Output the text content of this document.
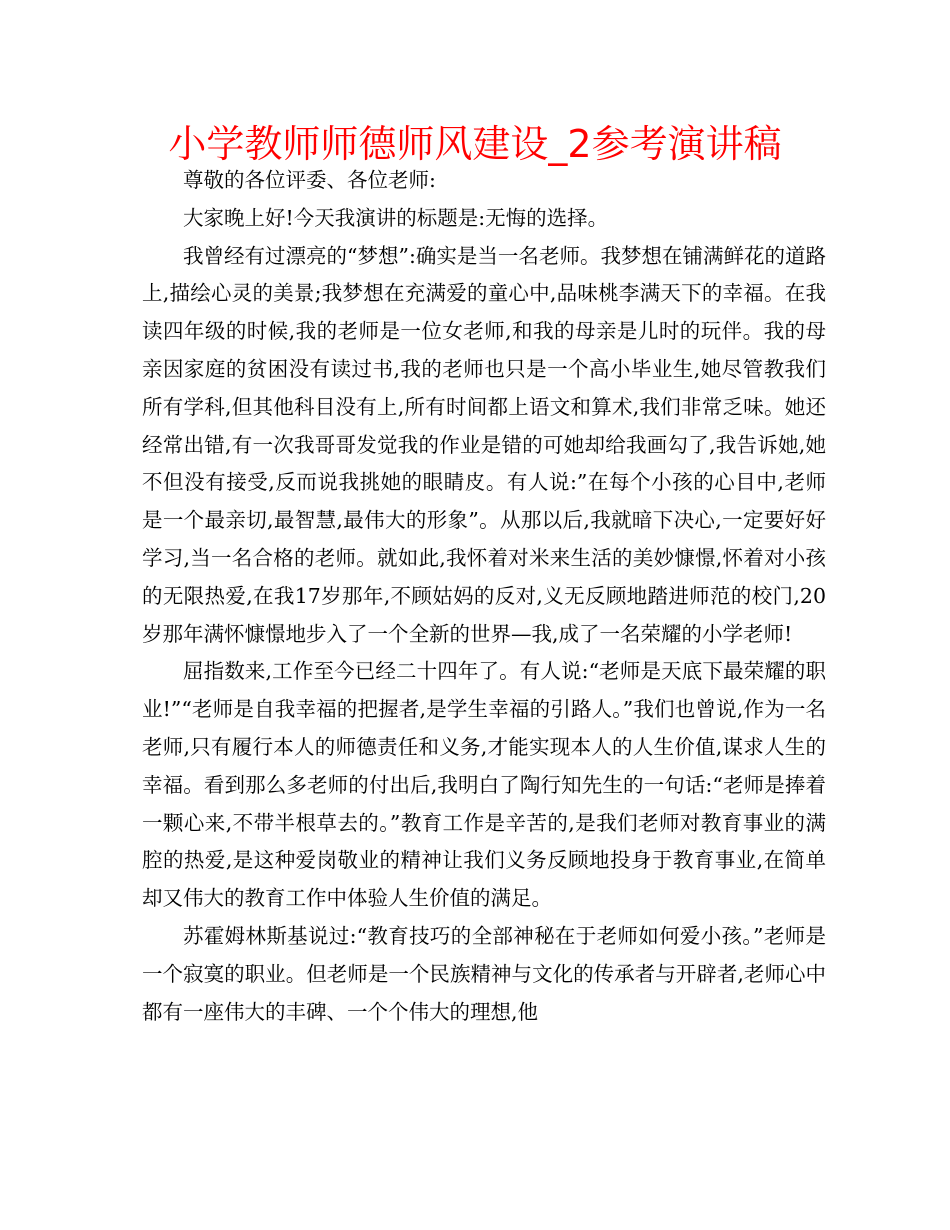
小学教师师德师风建设_2参考演讲稿

尊敬的各位评委、各位老师:

大家晚上好!今天我演讲的标题是:无悔的选择。

我曾经有过漂亮的“梦想”:确实是当一名老师。我梦想在铺满鲜花的道路上,描绘心灵的美景;我梦想在充满爱的童心中,品味桃李满天下的幸福。在我读四年级的时候,我的老师是一位女老师,和我的母亲是儿时的玩伴。我的母亲因家庭的贫困没有读过书,我的老师也只是一个高小毕业生,她尽管教我们所有学科,但其他科目没有上,所有时间都上语文和算术,我们非常乏味。她还经常出错,有一次我哥哥发觉我的作业是错的可她却给我画勾了,我告诉她,她不但没有接受,反而说我挑她的眼睛皮。有人说:”在每个小孩的心目中,老师是一个最亲切,最智慧,最伟大的形象”。从那以后,我就暗下决心,一定要好好学习,当一名合格的老师。就如此,我怀着对米来生活的美妙慷憬,怀着对小孩的无限热爱,在我17岁那年,不顾姑妈的反对,义无反顾地踏进师范的校门,20岁那年满怀慷憬地步入了一个全新的世界—我,成了一名荣耀的小学老师!

屈指数来,工作至今已经二十四年了。有人说:“老师是天底下最荣耀的职业!”“老师是自我幸福的把握者,是学生幸福的引路人。”我们也曾说,作为一名老师,只有履行本人的师德责任和义务,才能实现本人的人生价值,谋求人生的幸福。看到那么多老师的付出后,我明白了陶行知先生的一句话:“老师是捧着一颗心来,不带半根草去的。”教育工作是辛苦的,是我们老师对教育事业的满腔的热爱,是这种爱岗敬业的精神让我们义务反顾地投身于教育事业,在简单却又伟大的教育工作中体验人生价值的满足。

苏霍姆林斯基说过:“教育技巧的全部神秘在于老师如何爱小孩。”老师是一个寂寞的职业。但老师是一个民族精神与文化的传承者与开辟者,老师心中都有一座伟大的丰碑、一个个伟大的理想,他
